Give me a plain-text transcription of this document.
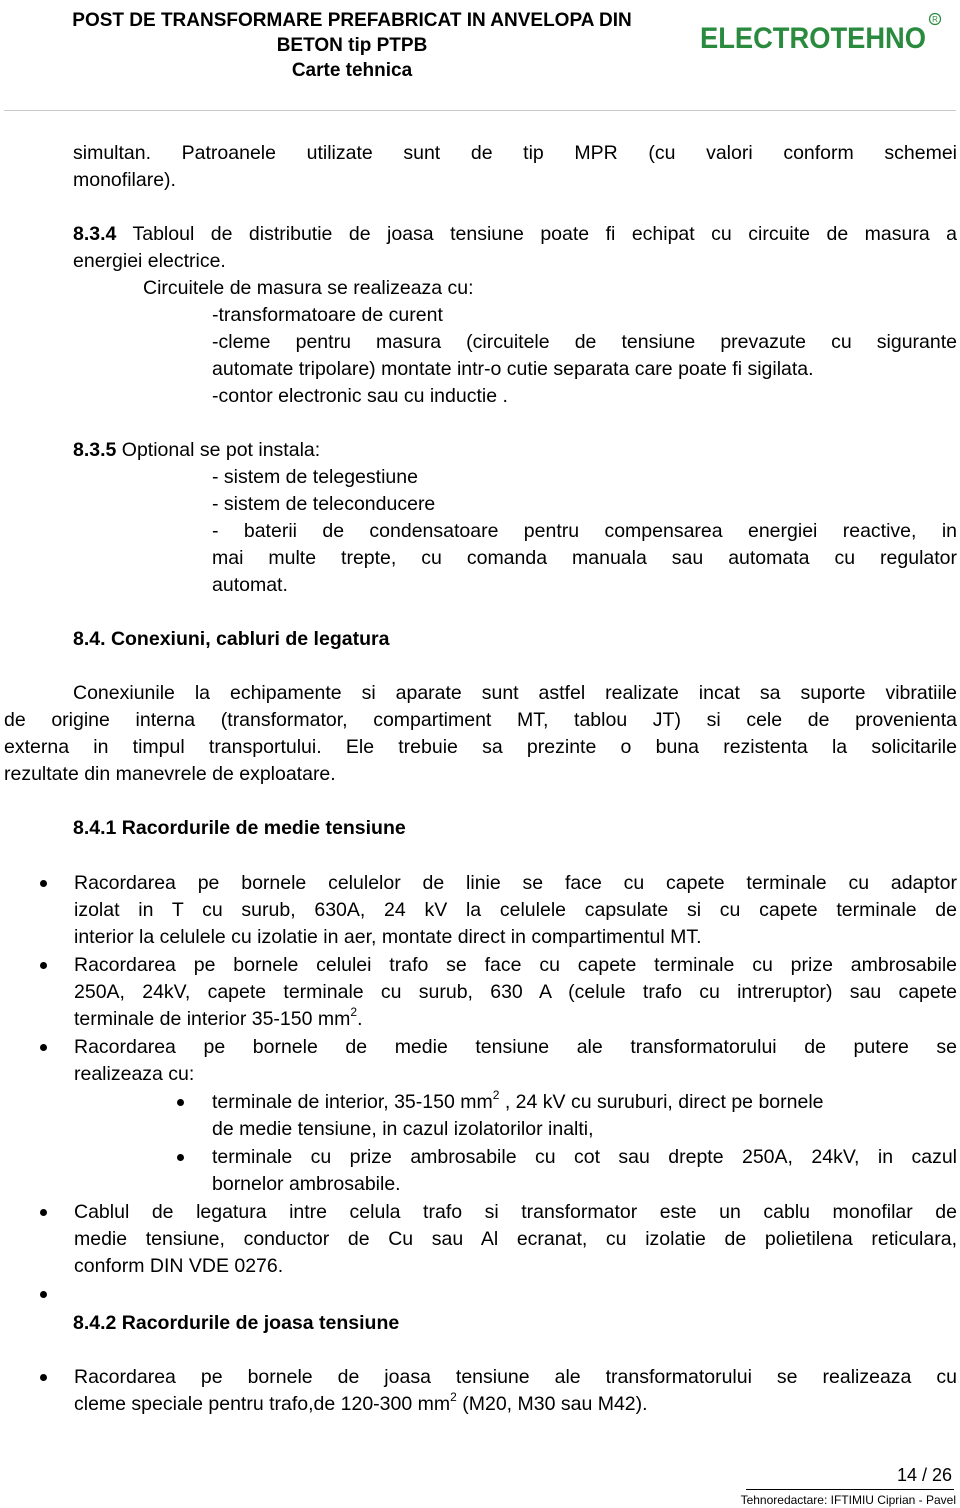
POST DE TRANSFORMARE PREFABRICAT IN ANVELOPA DIN
BETON tip PTPB
Carte tehnica
ELECTROTEHNO
R
simultan. Patroanele utilizate sunt de tip MPR (cu valori conform schemei
monofilare).
8.3.4 Tabloul de distributie de joasa tensiune poate fi echipat cu circuite de masura a
energiei electrice.
Circuitele de masura se realizeaza cu:
-transformatoare de curent
-cleme pentru masura (circuitele de tensiune prevazute cu sigurante
automate tripolare) montate intr-o cutie separata care poate fi sigilata.
-contor electronic sau cu inductie .
8.3.5 Optional se pot instala:
- sistem de telegestiune
- sistem de teleconducere
- baterii de condensatoare pentru compensarea energiei reactive, in
mai multe trepte, cu comanda manuala sau automata cu regulator
automat.
8.4. Conexiuni, cabluri de legatura
Conexiunile la echipamente si aparate sunt astfel realizate incat sa suporte vibratiile
de origine interna (transformator, compartiment MT, tablou JT) si cele de provenienta
externa in timpul transportului. Ele trebuie sa prezinte o buna rezistenta la solicitarile
rezultate din manevrele de exploatare.
8.4.1 Racordurile de medie tensiune
Racordarea pe bornele celulelor de linie se face cu capete terminale cu adaptor
izolat in T cu surub, 630A, 24 kV la celulele capsulate si cu capete terminale de
interior la celulele cu izolatie in aer, montate direct in compartimentul MT.
Racordarea pe bornele celulei trafo se face cu capete terminale cu prize ambrosabile
250A, 24kV, capete terminale cu surub, 630 A (celule trafo cu intreruptor) sau capete
terminale de interior 35-150 $mm^2$.
Racordarea pe bornele de medie tensiune ale transformatorului de putere se
realizeaza cu:
terminale de interior, 35-150 $mm^2$ , 24 kV cu suruburi, direct pe bornele
de medie tensiune, in cazul izolatorilor inalti,
terminale cu prize ambrosabile cu cot sau drepte 250A, 24kV, in cazul
bornelor ambrosabile.
Cablul de legatura intre celula trafo si transformator este un cablu monofilar de
medie tensiune, conductor de Cu sau Al ecranat, cu izolatie de polietilena reticulara,
conform DIN VDE 0276.
8.4.2 Racordurile de joasa tensiune
Racordarea pe bornele de joasa tensiune ale transformatorului se realizeaza cu
cleme speciale pentru trafo,de 120-300 $mm^2$ (M20, M30 sau M42).
14 / 26
Tehnoredactare: IFTIMIU Ciprian - Pavel
